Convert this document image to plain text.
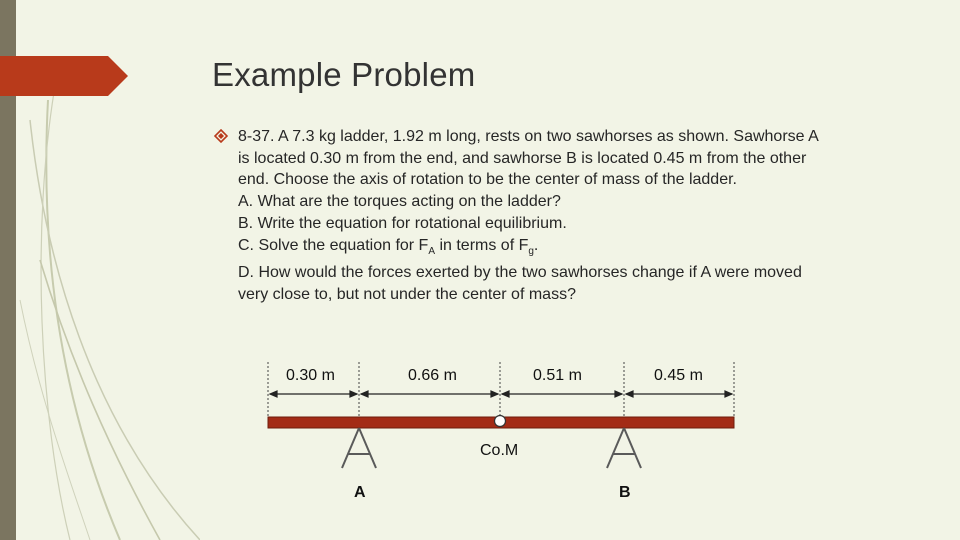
Example Problem
8-37. A 7.3 kg ladder, 1.92 m long, rests on two sawhorses as shown. Sawhorse A
is located 0.30 m from the end, and sawhorse B is located 0.45 m from the other
end. Choose the axis of rotation to be the center of mass of the ladder.
A. What are the torques acting on the ladder?
B. Write the equation for rotational equilibrium.
C. Solve the equation for $F_A$ in terms of $F_g$.
D. How would the forces exerted by the two sawhorses change if A were moved
very close to, but not under the center of mass?
0.30 m	0.66 m	0.51 m	0.45 m
Co.M
A	B
